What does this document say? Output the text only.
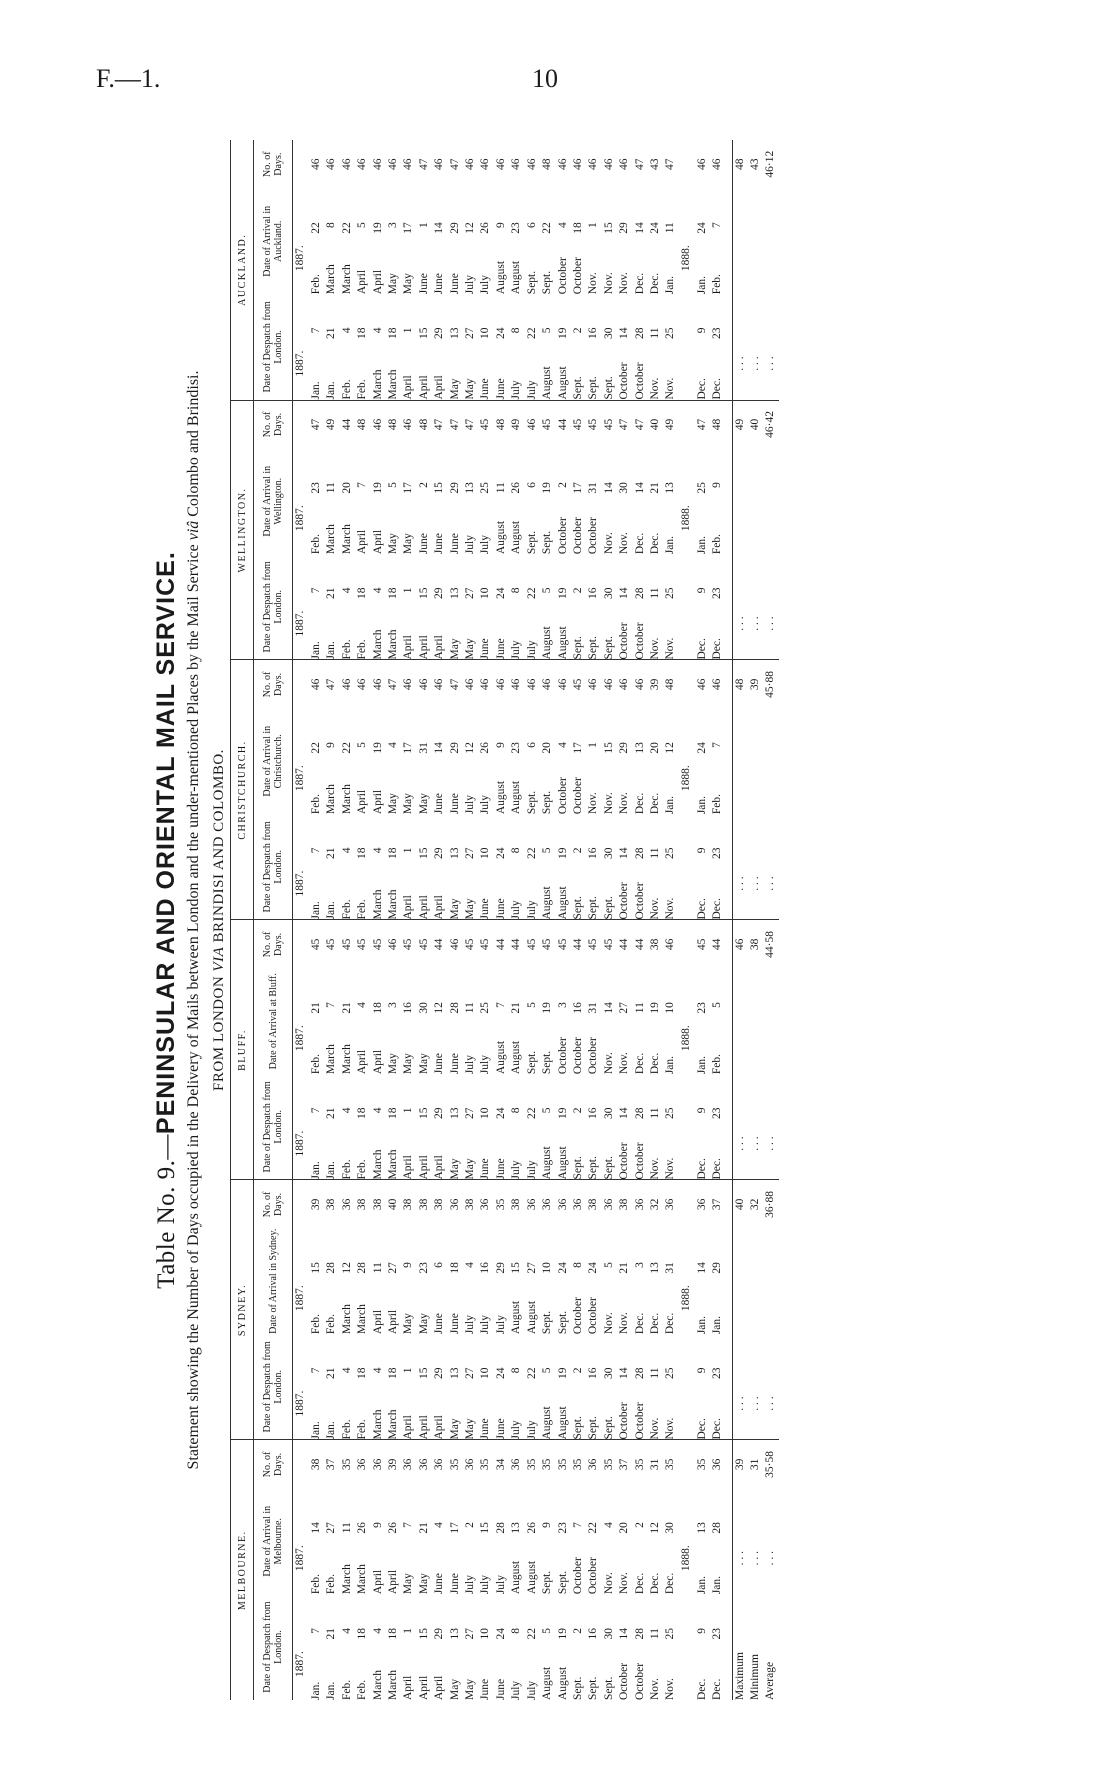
F.—1.	10
Table No. 9.—PENINSULAR AND ORIENTAL MAIL SERVICE. Statement showing the Number of Days occupied in the Delivery of Mails between London and the under-mentioned Places by the Mail Service viâ Colombo and Brindisi.
FROM LONDON VIA BRINDISI AND COLOMBO.
MELBOURNE.			SYDNEY.			BLUFF.			CHRISTCHURCH.			WELLINGTON.			AUCKLAND.		
Date of Despatch from London.	Date of Arrival in Melbourne.	No. of Days.	Date of Despatch from London.	Date of Arrival in Sydney.	No. of Days.	Date of Despatch from London.	Date of Arrival at Bluff.	No. of Days.	Date of Despatch from London.	Date of Arrival in Christchurch.	No. of Days.	Date of Despatch from London.	Date of Arrival in Wellington.	No. of Days.	Date of Despatch from London.	Date of Arrival in Auckland.	No. of Days.
1887.	1887.		1887.	1887.		1887.	1887.		1887.	1887.		1887.	1887.		1887.	1887.	
Jan.7	Feb.14	38	Jan.7	Feb.15	39	Jan.7	Feb.21	45	Jan.7	Feb.22	46	Jan.7	Feb.23	47	Jan.7	Feb.22	46
Jan.21	Feb.27	37	Jan.21	Feb.28	38	Jan.21	March7	45	Jan.21	March9	47	Jan.21	March11	49	Jan.21	March8	46
Feb.4	March11	35	Feb.4	March12	36	Feb.4	March21	45	Feb.4	March22	46	Feb.4	March20	44	Feb.4	March22	46
Feb.18	March26	36	Feb.18	March28	38	Feb.18	April4	45	Feb.18	April5	46	Feb.18	April7	48	Feb.18	April5	46
March4	April9	36	March4	April11	38	March4	April18	45	March4	April19	46	March4	April19	46	March4	April19	46
March18	April26	39	March18	April27	40	March18	May3	46	March18	May4	47	March18	May5	48	March18	May3	46
April1	May7	36	April1	May9	38	April1	May16	45	April1	May17	46	April1	May17	46	April1	May17	46
April15	May21	36	April15	May23	38	April15	May30	45	April15	May31	46	April15	June2	48	April15	June1	47
April29	June4	36	April29	June6	38	April29	June12	44	April29	June14	46	April29	June15	47	April29	June14	46
May13	June17	35	May13	June18	36	May13	June28	46	May13	June29	47	May13	June29	47	May13	June29	47
May27	July2	36	May27	July4	38	May27	July11	45	May27	July12	46	May27	July13	47	May27	July12	46
June10	July15	35	June10	July16	36	June10	July25	45	June10	July26	46	June10	July25	45	June10	July26	46
June24	July28	34	June24	July29	35	June24	August7	44	June24	August9	46	June24	August11	48	June24	August9	46
July8	August13	36	July8	August15	38	July8	August21	44	July8	August23	46	July8	August26	49	July8	August23	46
July22	August26	35	July22	August27	36	July22	Sept.5	45	July22	Sept.6	46	July22	Sept.6	46	July22	Sept.6	46
August5	Sept.9	35	August5	Sept.10	36	August5	Sept.19	45	August5	Sept.20	46	August5	Sept.19	45	August5	Sept.22	48
August19	Sept.23	35	August19	Sept.24	36	August19	October3	45	August19	October4	46	August19	October2	44	August19	October4	46
Sept.2	October7	35	Sept.2	October8	36	Sept.2	October16	44	Sept.2	October17	45	Sept.2	October17	45	Sept.2	October18	46
Sept.16	October22	36	Sept.16	October24	38	Sept.16	October31	45	Sept.16	Nov.1	46	Sept.16	October31	45	Sept.16	Nov.1	46
Sept.30	Nov.4	35	Sept.30	Nov.5	36	Sept.30	Nov.14	45	Sept.30	Nov.15	46	Sept.30	Nov.14	45	Sept.30	Nov.15	46
October14	Nov.20	37	October14	Nov.21	38	October14	Nov.27	44	October14	Nov.29	46	October14	Nov.30	47	October14	Nov.29	46
October28	Dec.2	35	October28	Dec.3	36	October28	Dec.11	44	October28	Dec.13	46	October28	Dec.14	47	October28	Dec.14	47
Nov.11	Dec.12	31	Nov.11	Dec.13	32	Nov.11	Dec.19	38	Nov.11	Dec.20	39	Nov.11	Dec.21	40	Nov.11	Dec.24	43
Nov.25	Dec.30	35	Nov.25	Dec.31	36	Nov.25	Jan.10	46	Nov.25	Jan.12	48	Nov.25	Jan.13	49	Nov.25	Jan.11	47
	1888.			1888.			1888.			1888.			1888.			1888.	
Dec.9	Jan.13	35	Dec.9	Jan.14	36	Dec.9	Jan.23	45	Dec.9	Jan.24	46	Dec.9	Jan.25	47	Dec.9	Jan.24	46
Dec.23	Jan.28	36	Dec.23	Jan.29	37	Dec.23	Feb.5	44	Dec.23	Feb.7	46	Dec.23	Feb.9	48	Dec.23	Feb.7	46

Maximum	. . .	39	. . .		40	. . .		46	. . .		48	. . .		49	. . .		48
Minimum	. . .	31	. . .		32	. . .		38	. . .		39	. . .		40	. . .		43
Average	. . .	35·58	. . .		36·88	. . .		44·58	. . .		45·88	. . .		46·42	. . .		46·12
